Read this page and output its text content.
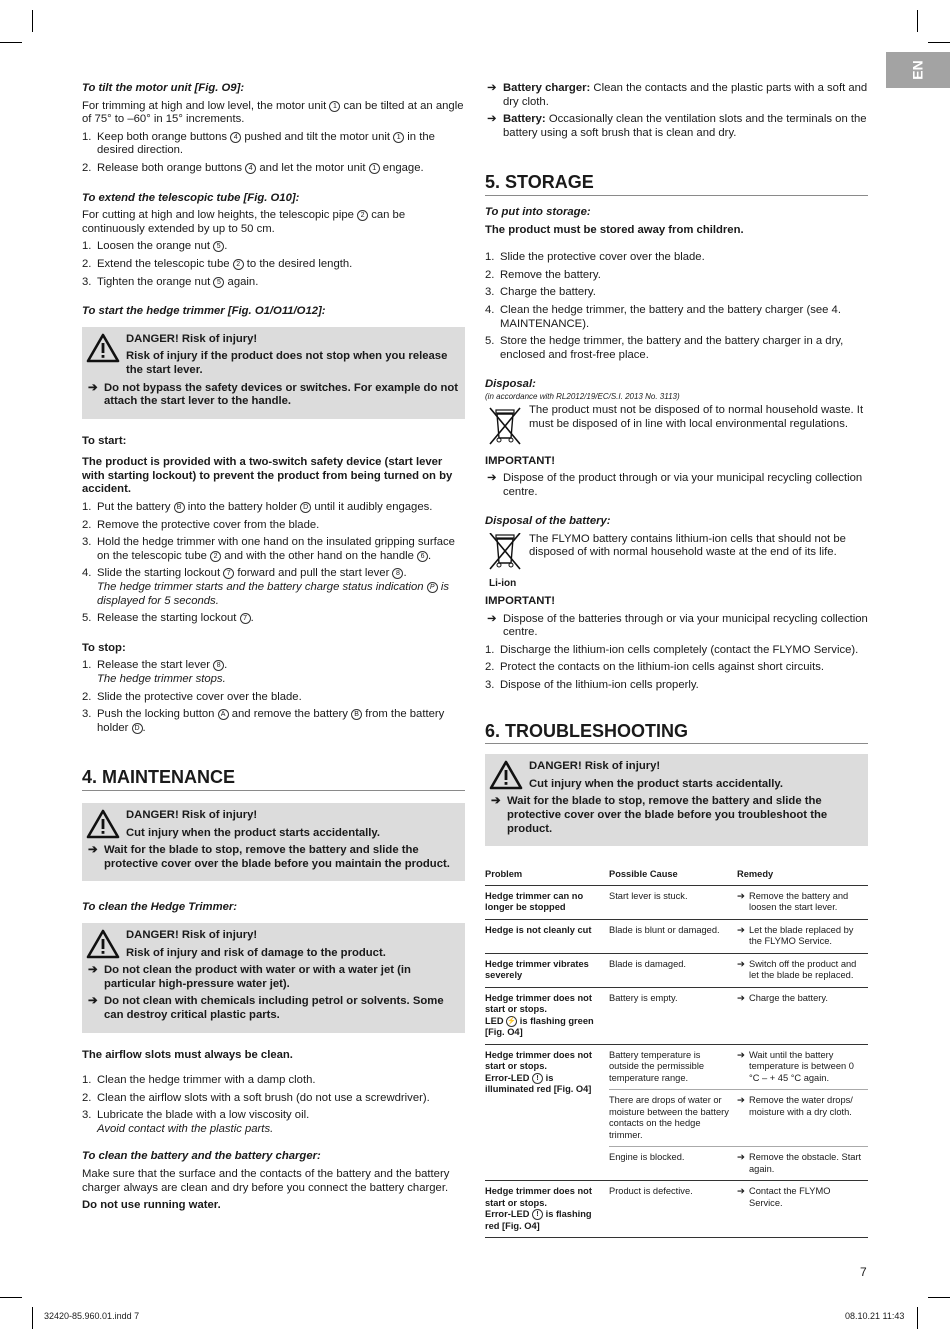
EN

To tilt the motor unit [Fig. O9]:

For trimming at high and low level, the motor unit 1 can be tilted at an angle of 75° to –60° in 15° increments.

1. Keep both orange buttons 4 pushed and tilt the motor unit 1 in the desired direction.
2. Release both orange buttons 4 and let the motor unit 1 engage.

To extend the telescopic tube [Fig. O10]:

For cutting at high and low heights, the telescopic pipe 2 can be continuously extended by up to 50 cm.

1. Loosen the orange nut 5 .
2. Extend the telescopic tube 2 to the desired length.
3. Tighten the orange nut 5 again.

To start the hedge trimmer [Fig. O1/O11/O12]:

DANGER! Risk of injury!

Risk of injury if the product does not stop when you release the start lever.

➔ Do not bypass the safety devices or switches. For example do not attach the start lever to the handle.

To start:

The product is provided with a two-switch safety device (start lever with starting lockout) to prevent the product from being turned on by accident.

1. Put the battery B into the battery holder D until it audibly engages.
2. Remove the protective cover from the blade.
3. Hold the hedge trimmer with one hand on the insulated gripping surface on the telescopic tube 2 and with the other hand on the handle 6 .
4. Slide the starting lockout 7 forward and pull the start lever 8 .
The hedge trimmer starts and the battery charge status indication P is displayed for 5 seconds.
5. Release the starting lockout 7 .

To stop:

1. Release the start lever 8 .
The hedge trimmer stops.
2. Slide the protective cover over the blade.
3. Push the locking button A and remove the battery B from the battery holder D .
4. MAINTENANCE

DANGER! Risk of injury!

Cut injury when the product starts accidentally.

➔ Wait for the blade to stop, remove the battery and slide the protective cover over the blade before you maintain the product.

To clean the Hedge Trimmer:

DANGER! Risk of injury!

Risk of injury and risk of damage to the product.

➔ Do not clean the product with water or with a water jet (in particular high-pressure water jet).
➔ Do not clean with chemicals including petrol or solvents. Some can destroy critical plastic parts.

The airflow slots must always be clean.

1. Clean the hedge trimmer with a damp cloth.
2. Clean the airflow slots with a soft brush (do not use a screwdriver).
3. Lubricate the blade with a low viscosity oil.
Avoid contact with the plastic parts.

To clean the battery and the battery charger:

Make sure that the surface and the contacts of the battery and the battery charger always are clean and dry before you connect the battery charger.

Do not use running water.

➔ Battery charger: Clean the contacts and the plastic parts with a soft and dry cloth.
➔ Battery: Occasionally clean the ventilation slots and the terminals on the battery using a soft brush that is clean and dry.
5. STORAGE

To put into storage:

The product must be stored away from children.

1. Slide the protective cover over the blade.
2. Remove the battery.
3. Charge the battery.
4. Clean the hedge trimmer, the battery and the battery charger (see 4. MAINTENANCE).
5. Store the hedge trimmer, the battery and the battery charger in a dry, enclosed and frost-free place.

Disposal:

(in accordance with RL2012/19/EC/S.I. 2013 No. 3113)

The product must not be disposed of to normal household waste. It must be disposed of in line with local environmental regulations.

IMPORTANT!

➔ Dispose of the product through or via your municipal recycling collection centre.

Disposal of the battery:

Li-ion

The FLYMO battery contains lithium-ion cells that should not be disposed of with normal household waste at the end of its life.

IMPORTANT!

➔ Dispose of the batteries through or via your municipal recycling collection centre.
1. Discharge the lithium-ion cells completely (contact the FLYMO Service).
2. Protect the contacts on the lithium-ion cells against short circuits.
3. Dispose of the lithium-ion cells properly.
6. TROUBLESHOOTING

DANGER! Risk of injury!

Cut injury when the product starts accidentally.

➔ Wait for the blade to stop, remove the battery and slide the protective cover over the blade before you troubleshoot the product.
Problem	Possible Cause	Remedy
Hedge trimmer can no longer be stopped	Start lever is stuck.	➔ Remove the battery and loosen the start lever.
Hedge is not cleanly cut	Blade is blunt or damaged.	➔ Let the blade replaced by the FLYMO Service.
Hedge trimmer vibrates severely	Blade is damaged.	➔ Switch off the product and let the blade be replaced.
Hedge trimmer does not start or stops.
LED ⚡ is flashing green [Fig. O4]	Battery is empty.	➔ Charge the battery.
Hedge trimmer does not start or stops.
Error-LED ! is illuminated red [Fig. O4]	Battery temperature is outside the permissible temperature range.	➔ Wait until the battery temperature is between 0 °C – + 45 °C again.
	There are drops of water or moisture between the battery contacts on the hedge trimmer.	➔ Remove the water drops/ moisture with a dry cloth.
	Engine is blocked.	➔ Remove the obstacle. Start again.
Hedge trimmer does not start or stops.
Error-LED ! is flashing red [Fig. O4]	Product is defective.	➔ Contact the FLYMO Service.
7
32420-85.960.01.indd 7	08.10.21 11:43
